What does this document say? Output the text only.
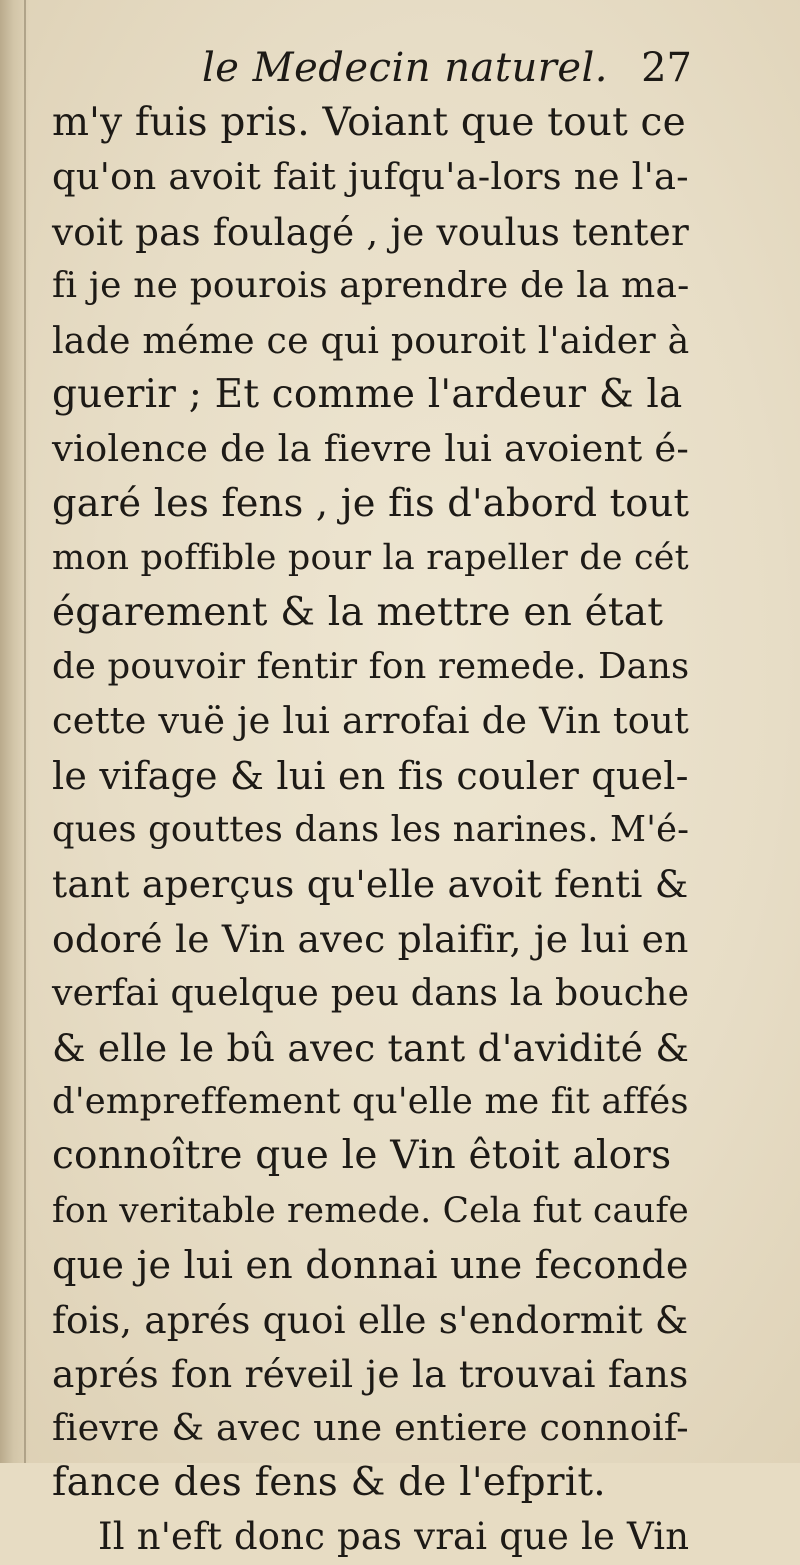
le Medecin naturel. 27
m'y fuis pris. Voiant que tout ce
qu'on avoit fait jufqu'a-lors ne l'a-
voit pas foulagé , je voulus tenter
fi je ne pourois aprendre de la ma-
lade méme ce qui pouroit l'aider à
guerir ; Et comme l'ardeur & la
violence de la fievre lui avoient é-
garé les fens , je fis d'abord tout
mon poffible pour la rapeller de cét
égarement & la mettre en état
de pouvoir fentir fon remede. Dans
cette vuë je lui arrofai de Vin tout
le vifage & lui en fis couler quel-
ques gouttes dans les narines. M'é-
tant aperçus qu'elle avoit fenti &
odoré le Vin avec plaifir, je lui en
verfai quelque peu dans la bouche
& elle le bû avec tant d'avidité &
d'empreffement qu'elle me fit affés
connoître que le Vin êtoit alors
fon veritable remede. Cela fut caufe
que je lui en donnai une feconde
fois, aprés quoi elle s'endormit &
aprés fon réveil je la trouvai fans
fievre & avec une entiere connoif-
fance des fens & de l'efprit.
Il n'eft donc pas vrai que le Vin
